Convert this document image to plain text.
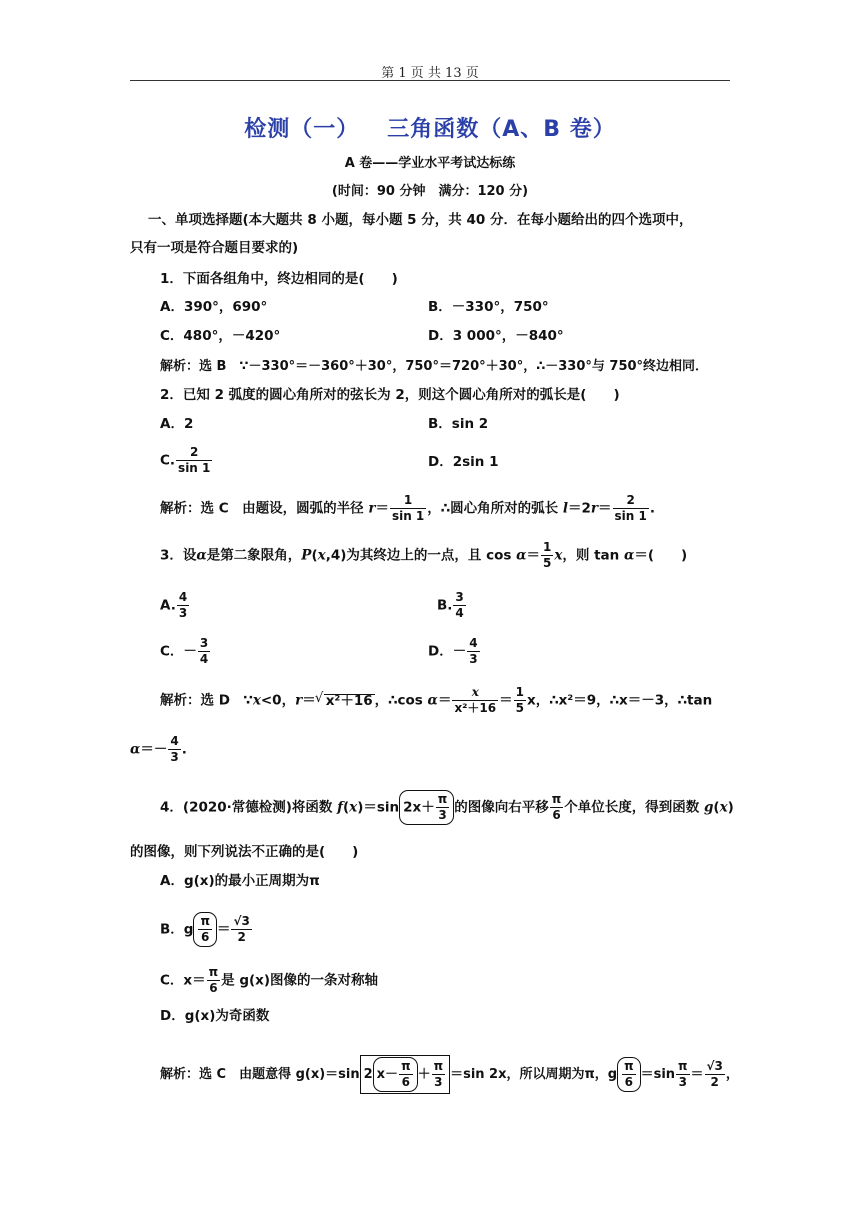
第 1 页 共 13 页
检测（一） 三角函数（A、B 卷）
A 卷——学业水平考试达标练
(时间：90 分钟　满分：120 分)
一、单项选择题(本大题共 8 小题，每小题 5 分，共 40 分．在每小题给出的四个选项中，
只有一项是符合题目要求的)
1．下面各组角中，终边相同的是(　　)
A．390°，690°	B．－330°，750°
C．480°，－420°	D．3 000°，－840°
解析：选 B　∵－330°＝－360°＋30°，750°＝720°＋30°，∴－330°与 750°终边相同．
2．已知 2 弧度的圆心角所对的弦长为 2，则这个圆心角所对的弧长是(　　)
A．2	B．sin 2
C. $\frac{2}{\sin 1}$	D．2sin 1
解析：选 C　由题设，圆弧的半径 $r= \frac{1}{\sin 1}$ ，∴圆心角所对的弧长 $l=2r= \frac{2}{\sin 1}$ .
3．设α是第二象限角，P(x,4)为其终边上的一点，且 $\cos \alpha= \frac{1}{5}$ x，则 tan α＝(　　)
A. $\frac{4}{3}$	B. $\frac{3}{4}$
C．－ $\frac{3}{4}$	D．－ $\frac{4}{3}$
解析：选 D　∵x<0，r＝√ x²＋16 ，∴cos $\alpha= \frac{x}{\text{x²＋16}} = \frac{1}{5}$ x，∴x²＝9，∴x＝－3，∴tan
$\alpha=- \frac{4}{3}$ .
4．(2020·常德检测)将函数 f(x)＝sin $2x+ \frac{\pi}{3}$ 的图像向右平移 $\frac{\pi}{6}$ 个单位长度，得到函数 g(x)
的图像，则下列说法不正确的是(　　)
A．g(x)的最小正周期为π
B．g $\frac{\pi}{6} = \frac{√3}{2}$
C．$x= \frac{\pi}{6}$ 是 g(x)图像的一条对称轴
D．g(x)为奇函数
解析：选 C　由题意得 g(x)＝sin 2 $x- \frac{\pi}{6} + \frac{\pi}{3} =\sin$ 2x，所以周期为π，g $\frac{\pi}{6} =\sin \frac{\pi}{3} = \frac{√3}{2}$ ，
